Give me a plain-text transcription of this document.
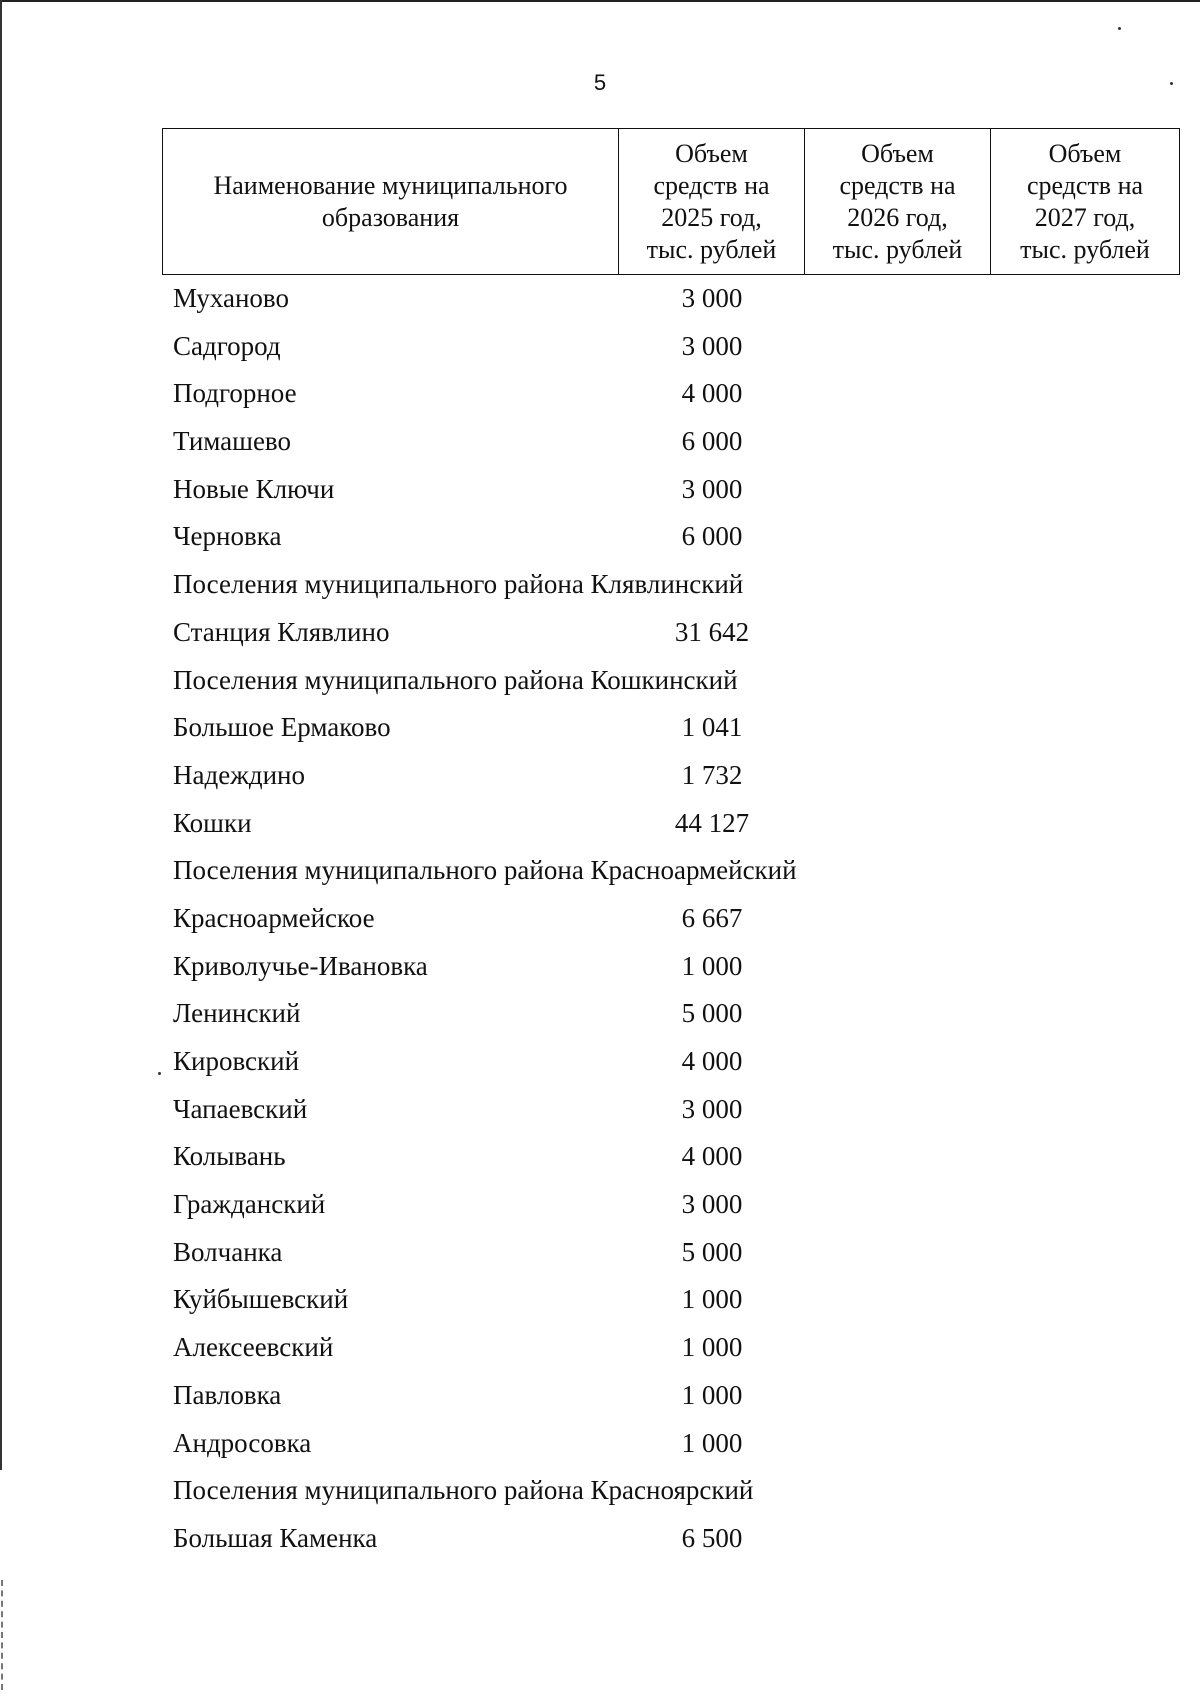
5
Наименование муниципального
образования	Объем
средств на
2025 год,
тыс. рублей	Объем
средств на
2026 год,
тыс. рублей	Объем
средств на
2027 год,
тыс. рублей
Муханово	3 000
Садгород	3 000
Подгорное	4 000
Тимашево	6 000
Новые Ключи	3 000
Черновка	6 000
Поселения муниципального района Клявлинский
Станция Клявлино	31 642
Поселения муниципального района Кошкинский
Большое Ермаково	1 041
Надеждино	1 732
Кошки	44 127
Поселения муниципального района Красноармейский
Красноармейское	6 667
Криволучье-Ивановка	1 000
Ленинский	5 000
Кировский	4 000
Чапаевский	3 000
Колывань	4 000
Гражданский	3 000
Волчанка	5 000
Куйбышевский	1 000
Алексеевский	1 000
Павловка	1 000
Андросовка	1 000
Поселения муниципального района Красноярский
Большая Каменка	6 500
